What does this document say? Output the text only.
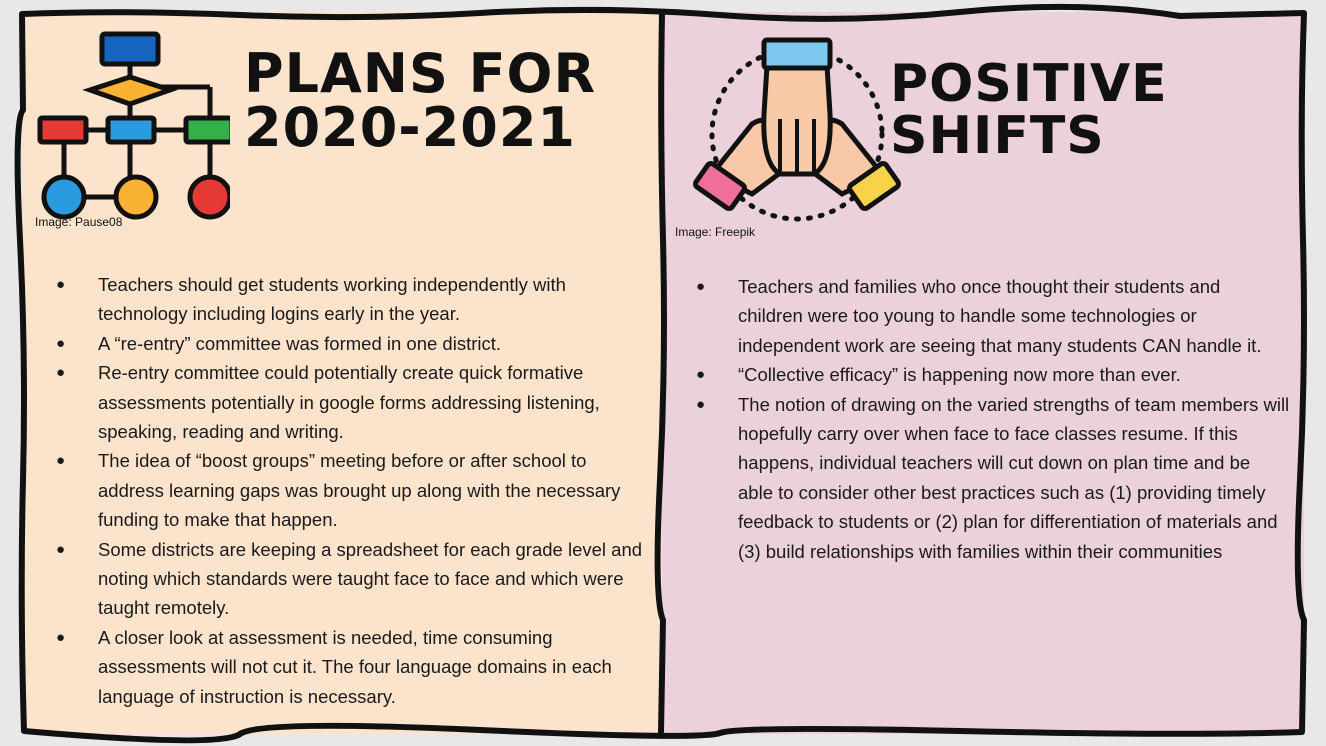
PLANS FOR
2020-2021
Image: Pause08
● Teachers should get students working independently with technology including logins early in the year.
● A “re-entry” committee was formed in one district.
● Re-entry committee could potentially create quick formative assessments potentially in google forms addressing listening, speaking, reading and writing.
● The idea of “boost groups” meeting before or after school to address learning gaps was brought up along with the necessary funding to make that happen.
● Some districts are keeping a spreadsheet for each grade level and noting which standards were taught face to face and which were taught remotely.
● A closer look at assessment is needed, time consuming assessments will not cut it. The four language domains in each language of instruction is necessary.
POSITIVE
SHIFTS
Image: Freepik
● Teachers and families who once thought their students and children were too young to handle some technologies or independent work are seeing that many students CAN handle it.
● “Collective efficacy” is happening now more than ever.
● The notion of drawing on the varied strengths of team members will hopefully carry over when face to face classes resume. If this happens, individual teachers will cut down on plan time and be able to consider other best practices such as (1) providing timely feedback to students or (2) plan for differentiation of materials and (3) build relationships with families within their communities
